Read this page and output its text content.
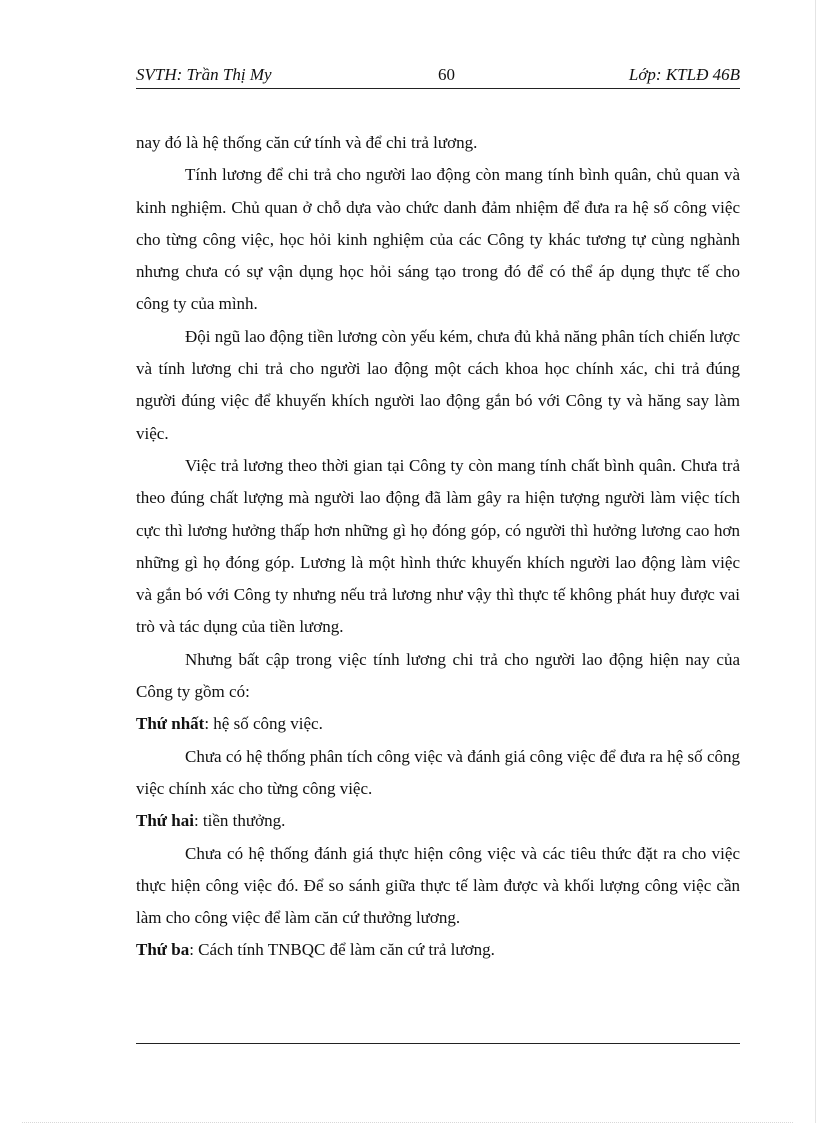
SVTH: Trần Thị My	60	Lớp: KTLĐ 46B

nay đó là hệ thống căn cứ tính và để chi trả lương.

Tính lương để chi trả cho người lao động còn mang tính bình quân, chủ quan và kinh nghiệm. Chủ quan ở chỗ dựa vào chức danh đảm nhiệm để đưa ra hệ số công việc cho từng công việc, học hỏi kinh nghiệm của các Công ty khác tương tự cùng nghành nhưng chưa có sự vận dụng học hỏi sáng tạo trong đó để có thể áp dụng thực tế cho công ty của mình.

Đội ngũ lao động tiền lương còn yếu kém, chưa đủ khả năng phân tích chiến lược và tính lương chi trả cho người lao động một cách khoa học chính xác, chi trả đúng người đúng việc để khuyến khích người lao động gắn bó với Công ty và hăng say làm việc.

Việc trả lương theo thời gian tại Công ty còn mang tính chất bình quân. Chưa trả theo đúng chất lượng mà người lao động đã làm gây ra hiện tượng người làm việc tích cực thì lương hưởng thấp hơn những gì họ đóng góp, có người thì hưởng lương cao hơn những gì họ đóng góp. Lương là một hình thức khuyến khích người lao động làm việc và gắn bó với Công ty nhưng nếu trả lương như vậy thì thực tế không phát huy được vai trò và tác dụng của tiền lương.

Nhưng bất cập trong việc tính lương chi trả cho người lao động hiện nay của Công ty gồm có:

Thứ nhất: hệ số công việc.

Chưa có hệ thống phân tích công việc và đánh giá công việc để đưa ra hệ số công việc chính xác cho từng công việc.

Thứ hai: tiền thưởng.

Chưa có hệ thống đánh giá thực hiện công việc và các tiêu thức đặt ra cho việc thực hiện công việc đó. Để so sánh giữa thực tế làm được và khối lượng công việc cần làm cho công việc để làm căn cứ thưởng lương.

Thứ ba: Cách tính TNBQC để làm căn cứ trả lương.
